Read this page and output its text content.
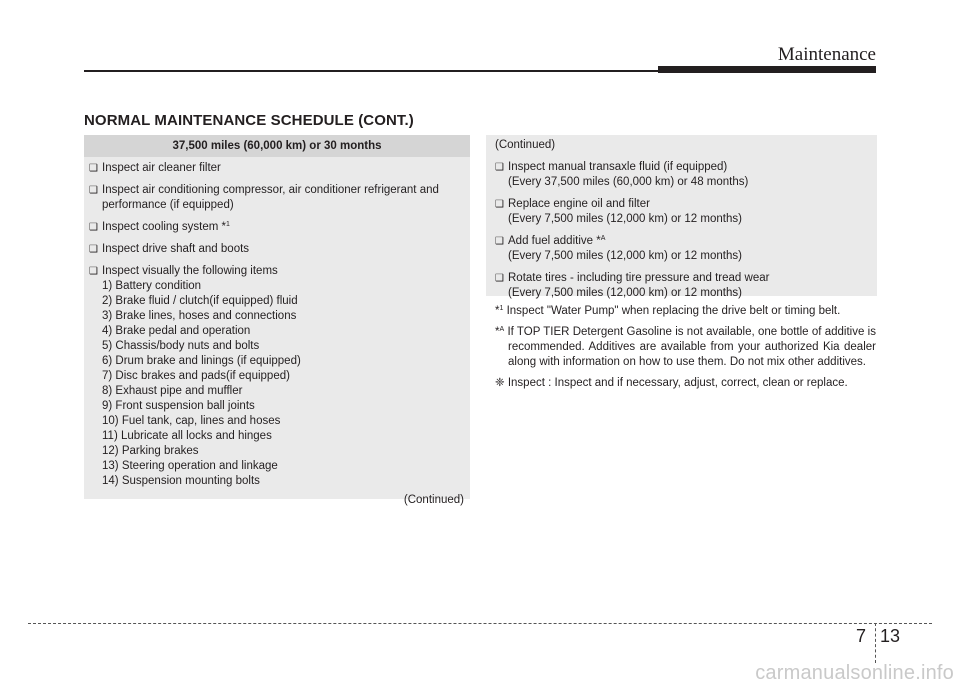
Maintenance
NORMAL MAINTENANCE SCHEDULE (CONT.)
37,500 miles (60,000 km) or 30 months
❑ Inspect air cleaner filter
❑ Inspect air conditioning compressor, air conditioner refrigerant and
performance (if equipped)
❑ Inspect cooling system *$^1$
❑ Inspect drive shaft and boots
❑ Inspect visually the following items
1) Battery condition
2) Brake fluid / clutch(if equipped) fluid
3) Brake lines, hoses and connections
4) Brake pedal and operation
5) Chassis/body nuts and bolts
6) Drum brake and linings (if equipped)
7) Disc brakes and pads(if equipped)
8) Exhaust pipe and muffler
9) Front suspension ball joints
10) Fuel tank, cap, lines and hoses
11) Lubricate all locks and hinges
12) Parking brakes
13) Steering operation and linkage
14) Suspension mounting bolts
(Continued)
(Continued)
❑ Inspect manual transaxle fluid (if equipped)
(Every 37,500 miles (60,000 km) or 48 months)
❑ Replace engine oil and filter
(Every 7,500 miles (12,000 km) or 12 months)
❑ Add fuel additive *$^A$
(Every 7,500 miles (12,000 km) or 12 months)
❑ Rotate tires - including tire pressure and tread wear
(Every 7,500 miles (12,000 km) or 12 months)
*$^1$ Inspect "Water Pump" when replacing the drive belt or timing belt.
*$^A$ If TOP TIER Detergent Gasoline is not available, one bottle of additive is recommended. Additives are available from your authorized Kia dealer along with information on how to use them. Do not mix other additives.
❈ Inspect : Inspect and if necessary, adjust, correct, clean or replace.
7 13
carmanualsonline.info
